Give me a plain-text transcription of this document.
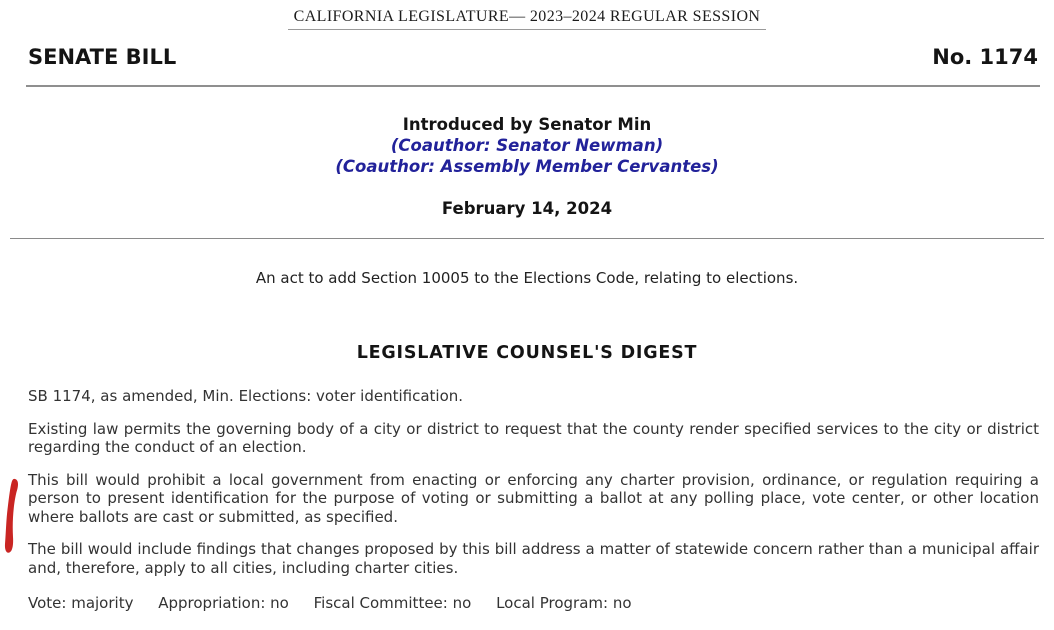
CALIFORNIA LEGISLATURE— 2023–2024 REGULAR SESSION
SENATE BILL	No. 1174
Introduced by Senator Min
(Coauthor: Senator Newman)
(Coauthor: Assembly Member Cervantes)
February 14, 2024
An act to add Section 10005 to the Elections Code, relating to elections.
LEGISLATIVE COUNSEL'S DIGEST

SB 1174, as amended, Min. Elections: voter identification.

Existing law permits the governing body of a city or district to request that the county render specified services to the city or district regarding the conduct of an election.

This bill would prohibit a local government from enacting or enforcing any charter provision, ordinance, or regulation requiring a person to present identification for the purpose of voting or submitting a ballot at any polling place, vote center, or other location where ballots are cast or submitted, as specified.

The bill would include findings that changes proposed by this bill address a matter of statewide concern rather than a municipal affair and, therefore, apply to all cities, including charter cities.

Vote: majority Appropriation: no Fiscal Committee: no Local Program: no
